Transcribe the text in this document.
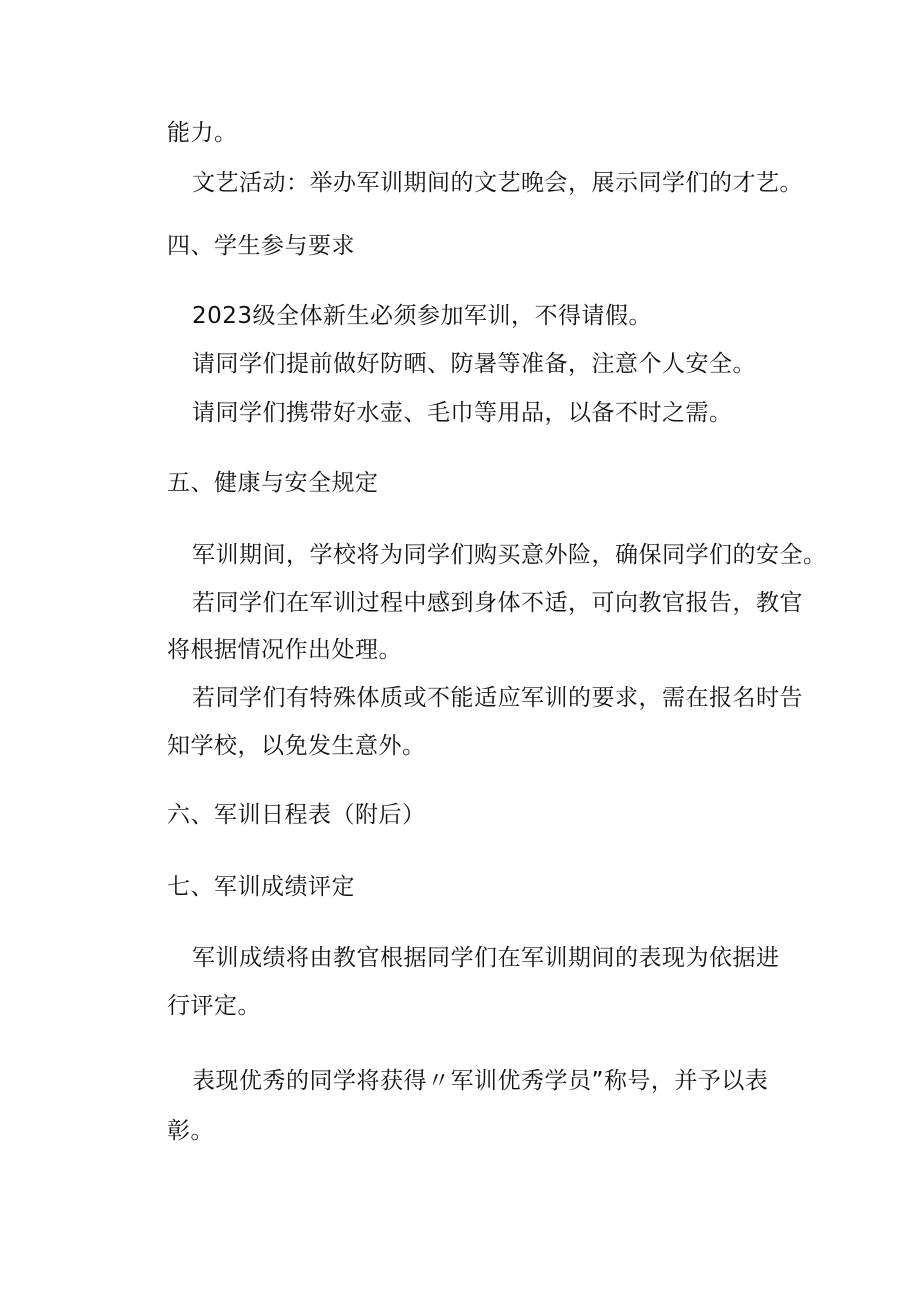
能力。
文艺活动：举办军训期间的文艺晚会，展示同学们的才艺。
四、学生参与要求
2023级全体新生必须参加军训，不得请假。
请同学们提前做好防晒、防暑等准备，注意个人安全。
请同学们携带好水壶、毛巾等用品，以备不时之需。
五、健康与安全规定
军训期间，学校将为同学们购买意外险，确保同学们的安全。
若同学们在军训过程中感到身体不适，可向教官报告，教官
将根据情况作出处理。
若同学们有特殊体质或不能适应军训的要求，需在报名时告
知学校，以免发生意外。
六、军训日程表（附后）
七、军训成绩评定
军训成绩将由教官根据同学们在军训期间的表现为依据进
行评定。
表现优秀的同学将获得〃军训优秀学员”称号，并予以表
彰。
